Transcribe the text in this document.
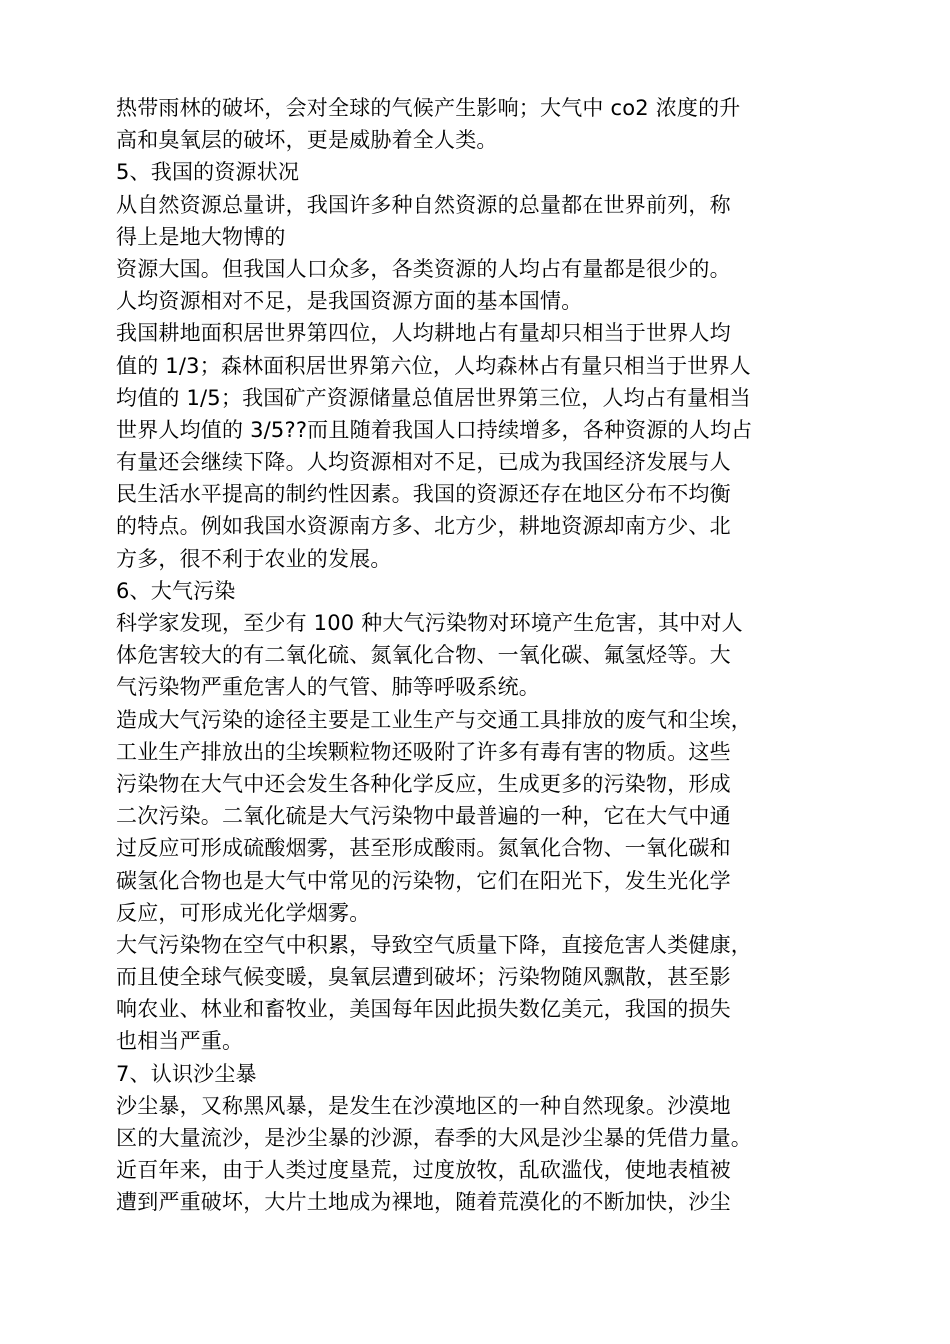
热带雨林的破坏，会对全球的气候产生影响；大气中 co2 浓度的升
高和臭氧层的破坏，更是威胁着全人类。
5、我国的资源状况
从自然资源总量讲，我国许多种自然资源的总量都在世界前列，称
得上是地大物博的
资源大国。但我国人口众多，各类资源的人均占有量都是很少的。
人均资源相对不足，是我国资源方面的基本国情。
我国耕地面积居世界第四位，人均耕地占有量却只相当于世界人均
值的 1/3；森林面积居世界第六位，人均森林占有量只相当于世界人
均值的 1/5；我国矿产资源储量总值居世界第三位，人均占有量相当
世界人均值的 3/5??而且随着我国人口持续增多，各种资源的人均占
有量还会继续下降。人均资源相对不足，已成为我国经济发展与人
民生活水平提高的制约性因素。我国的资源还存在地区分布不均衡
的特点。例如我国水资源南方多、北方少，耕地资源却南方少、北
方多，很不利于农业的发展。
6、大气污染
科学家发现，至少有 100 种大气污染物对环境产生危害，其中对人
体危害较大的有二氧化硫、氮氧化合物、一氧化碳、氟氢烃等。大
气污染物严重危害人的气管、肺等呼吸系统。
造成大气污染的途径主要是工业生产与交通工具排放的废气和尘埃，
工业生产排放出的尘埃颗粒物还吸附了许多有毒有害的物质。这些
污染物在大气中还会发生各种化学反应，生成更多的污染物，形成
二次污染。二氧化硫是大气污染物中最普遍的一种，它在大气中通
过反应可形成硫酸烟雾，甚至形成酸雨。氮氧化合物、一氧化碳和
碳氢化合物也是大气中常见的污染物，它们在阳光下，发生光化学
反应，可形成光化学烟雾。
大气污染物在空气中积累，导致空气质量下降，直接危害人类健康，
而且使全球气候变暖，臭氧层遭到破坏；污染物随风飘散，甚至影
响农业、林业和畜牧业，美国每年因此损失数亿美元，我国的损失
也相当严重。
7、认识沙尘暴
沙尘暴，又称黑风暴，是发生在沙漠地区的一种自然现象。沙漠地
区的大量流沙，是沙尘暴的沙源，春季的大风是沙尘暴的凭借力量。
近百年来，由于人类过度垦荒，过度放牧，乱砍滥伐，使地表植被
遭到严重破坏，大片土地成为裸地，随着荒漠化的不断加快，沙尘
